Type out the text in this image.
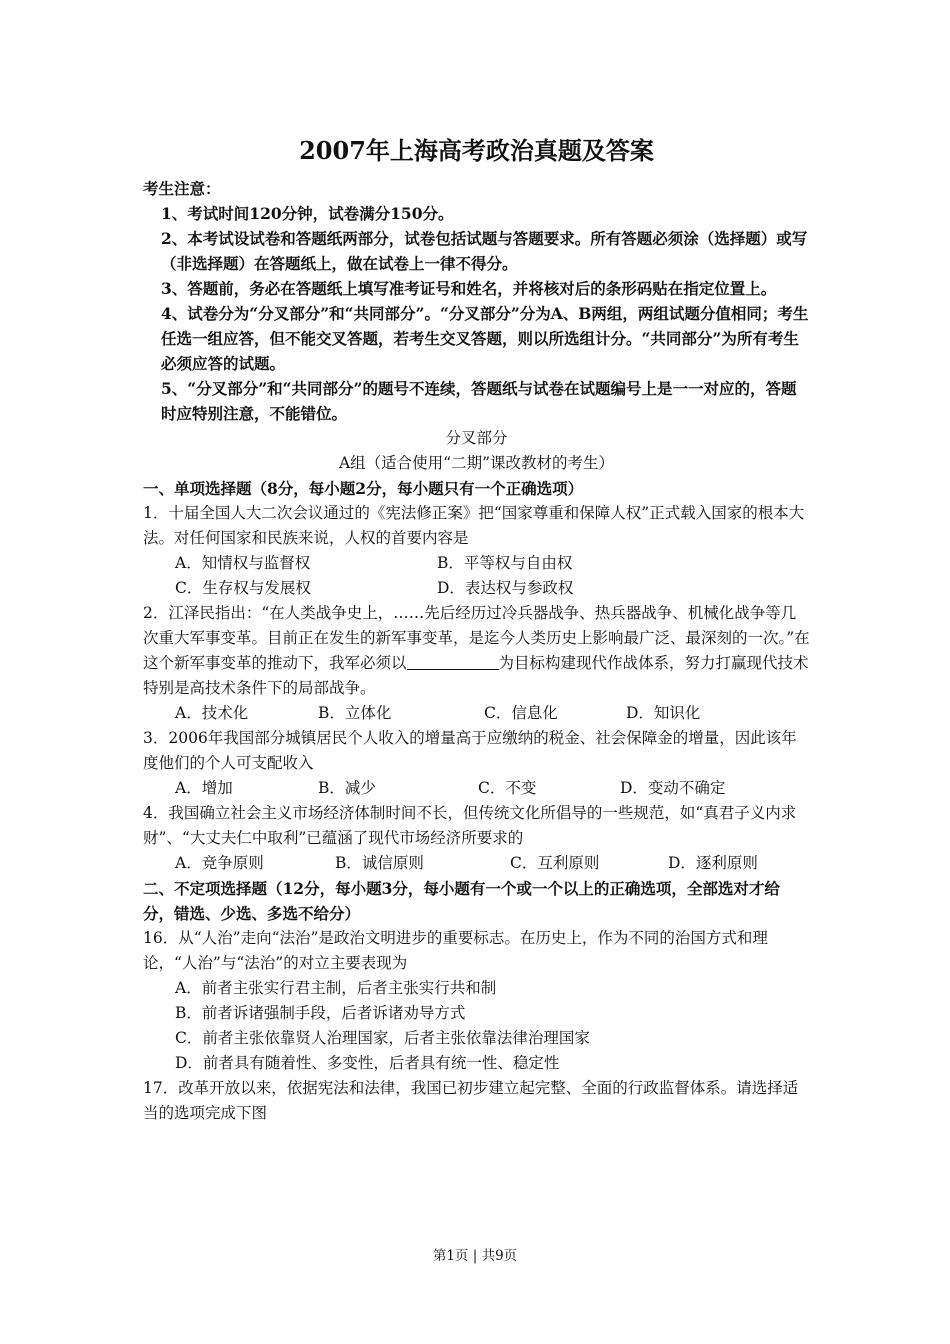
2007年上海高考政治真题及答案

考生注意：

1、考试时间120分钟，试卷满分150分。

2、本考试设试卷和答题纸两部分，试卷包括试题与答题要求。所有答题必须涂（选择题）或写（非选择题）在答题纸上，做在试卷上一律不得分。

3、答题前，务必在答题纸上填写准考证号和姓名，并将核对后的条形码贴在指定位置上。

4、试卷分为“分叉部分”和“共同部分”。“分叉部分”分为A、B两组，两组试题分值相同；考生任选一组应答，但不能交叉答题，若考生交叉答题，则以所选组计分。“共同部分”为所有考生必须应答的试题。

5、“分叉部分”和“共同部分”的题号不连续，答题纸与试卷在试题编号上是一一对应的，答题时应特别注意，不能错位。

分叉部分

A组（适合使用“二期”课改教材的考生）

一、单项选择题（8分，每小题2分，每小题只有一个正确选项）

1．十届全国人大二次会议通过的《宪法修正案》把“国家尊重和保障人权”正式载入国家的根本大法。对任何国家和民族来说，人权的首要内容是

A．知情权与监督权	B．平等权与自由权
C．生存权与发展权	D．表达权与参政权

2．江泽民指出：“在人类战争史上，……先后经历过冷兵器战争、热兵器战争、机械化战争等几次重大军事变革。目前正在发生的新军事变革，是迄今人类历史上影响最广泛、最深刻的一次。”在这个新军事变革的推动下，我军必须以	为目标构建现代作战体系，努力打赢现代技术特别是高技术条件下的局部战争。

A．技术化	B．立体化	C．信息化	D．知识化

3．2006年我国部分城镇居民个人收入的增量高于应缴纳的税金、社会保障金的增量，因此该年度他们的个人可支配收入

A．增加	B．减少	C．不变	D．变动不确定

4．我国确立社会主义市场经济体制时间不长，但传统文化所倡导的一些规范，如“真君子义内求财”、“大丈夫仁中取利”已蕴涵了现代市场经济所要求的

A．竞争原则	B．诚信原则	C．互利原则	D．逐利原则

二、不定项选择题（12分，每小题3分，每小题有一个或一个以上的正确选项，全部选对才给分，错选、少选、多选不给分）

16．从“人治”走向“法治”是政治文明进步的重要标志。在历史上，作为不同的治国方式和理论，“人治”与“法治”的对立主要表现为

A．前者主张实行君主制，后者主张实行共和制

B．前者诉诸强制手段，后者诉诸劝导方式

C．前者主张依靠贤人治理国家，后者主张依靠法律治理国家

D．前者具有随着性、多变性，后者具有统一性、稳定性

17．改革开放以来，依据宪法和法律，我国已初步建立起完整、全面的行政监督体系。请选择适当的选项完成下图

第1页 | 共9页
